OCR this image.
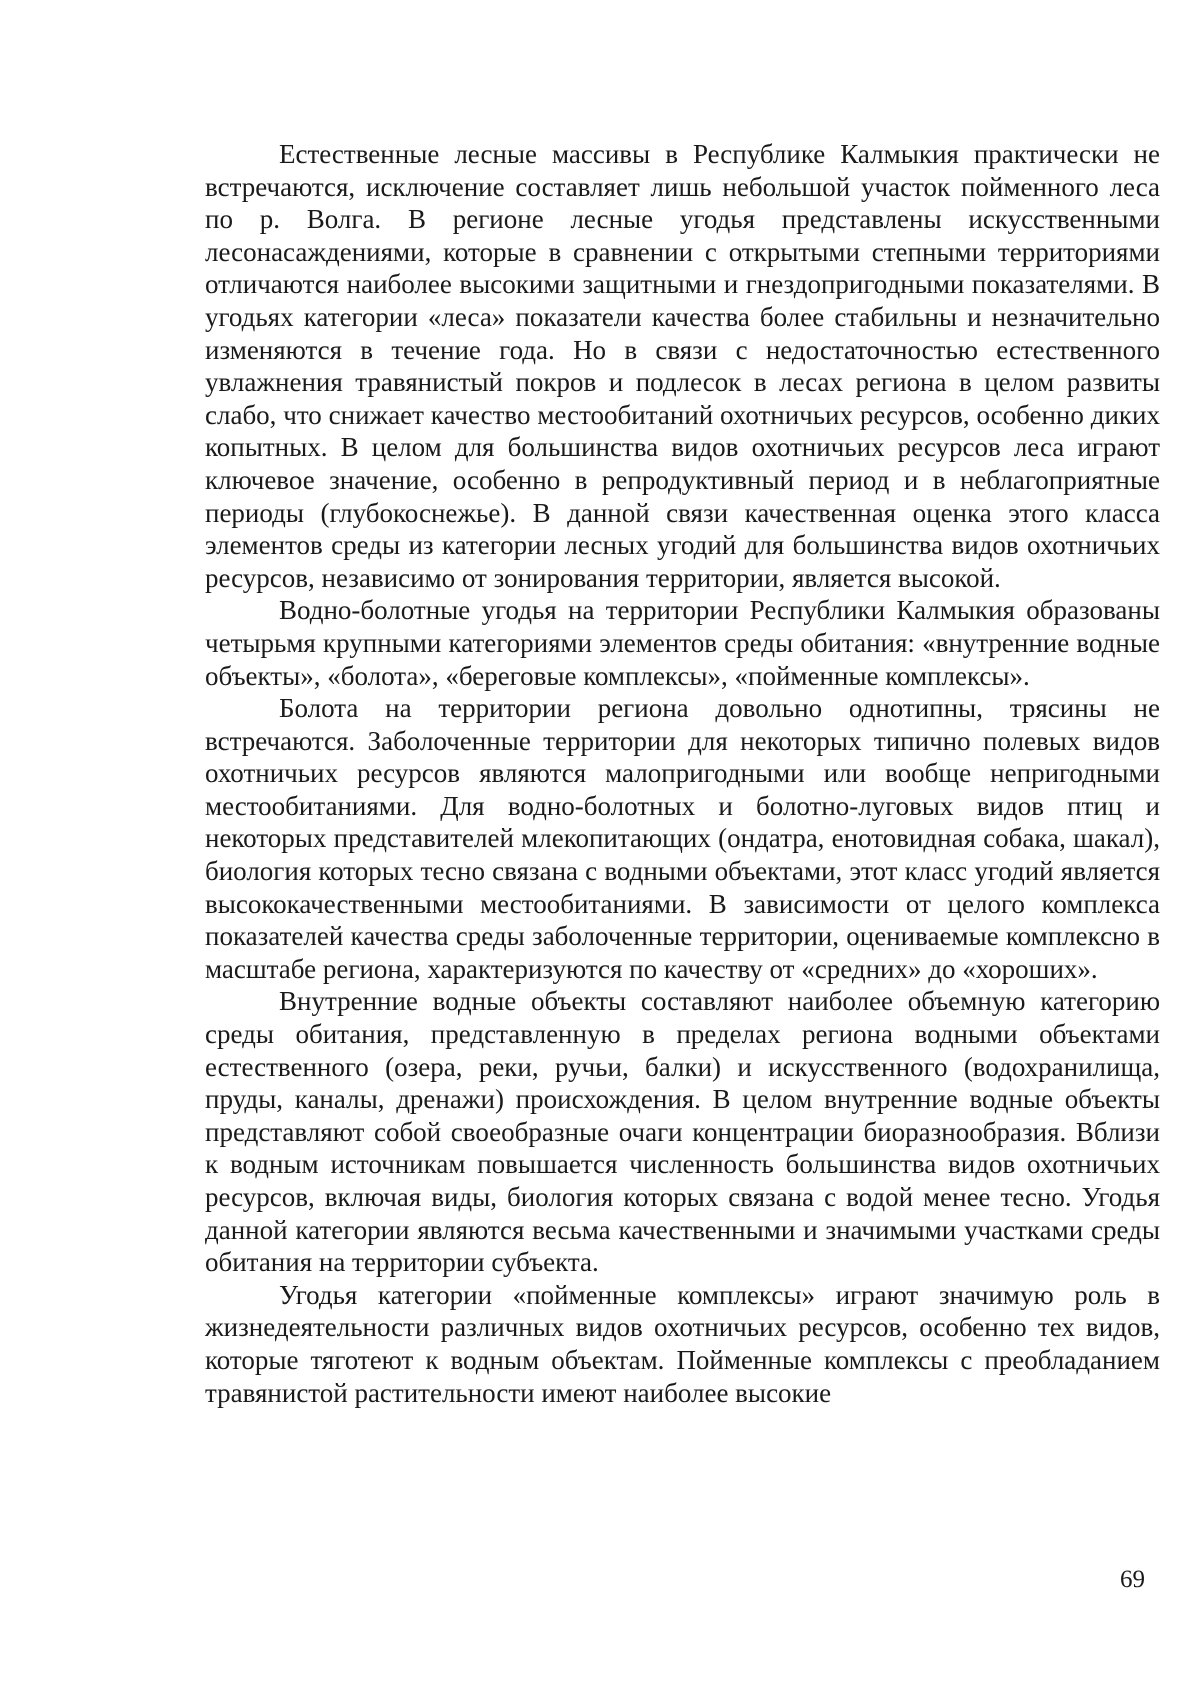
Естественные лесные массивы в Республике Калмыкия практически не встречаются, исключение составляет лишь небольшой участок пойменного леса по р. Волга. В регионе лесные угодья представлены искусственными лесонасаждениями, которые в сравнении с открытыми степными территориями отличаются наиболее высокими защитными и гнездопригодными показателями. В угодьях категории «леса» показатели качества более стабильны и незначительно изменяются в течение года. Но в связи с недостаточностью естественного увлажнения травянистый покров и подлесок в лесах региона в целом развиты слабо, что снижает качество местообитаний охотничьих ресурсов, особенно диких копытных. В целом для большинства видов охотничьих ресурсов леса играют ключевое значение, особенно в репродуктивный период и в неблагоприятные периоды (глубокоснежье). В данной связи качественная оценка этого класса элементов среды из категории лесных угодий для большинства видов охотничьих ресурсов, независимо от зонирования территории, является высокой.

Водно-болотные угодья на территории Республики Калмыкия образованы четырьмя крупными категориями элементов среды обитания: «внутренние водные объекты», «болота», «береговые комплексы», «пойменные комплексы».

Болота на территории региона довольно однотипны, трясины не встречаются. Заболоченные территории для некоторых типично полевых видов охотничьих ресурсов являются малопригодными или вообще непригодными местообитаниями. Для водно-болотных и болотно-луговых видов птиц и некоторых представителей млекопитающих (ондатра, енотовидная собака, шакал), биология которых тесно связана с водными объектами, этот класс угодий является высококачественными местообитаниями. В зависимости от целого комплекса показателей качества среды заболоченные территории, оцениваемые комплексно в масштабе региона, характеризуются по качеству от «средних» до «хороших».

Внутренние водные объекты составляют наиболее объемную категорию среды обитания, представленную в пределах региона водными объектами естественного (озера, реки, ручьи, балки) и искусственного (водохранилища, пруды, каналы, дренажи) происхождения. В целом внутренние водные объекты представляют собой своеобразные очаги концентрации биоразнообразия. Вблизи к водным источникам повышается численность большинства видов охотничьих ресурсов, включая виды, биология которых связана с водой менее тесно. Угодья данной категории являются весьма качественными и значимыми участками среды обитания на территории субъекта.

Угодья категории «пойменные комплексы» играют значимую роль в жизнедеятельности различных видов охотничьих ресурсов, особенно тех видов, которые тяготеют к водным объектам. Пойменные комплексы с преобладанием травянистой растительности имеют наиболее высокие

69
